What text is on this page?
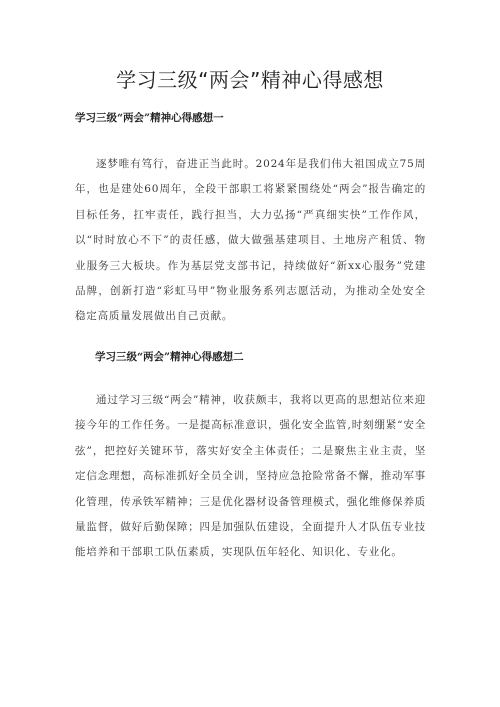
学习三级“两会”精神心得感想
学习三级“两会”精神心得感想一

逐梦唯有笃行，奋进正当此时。2024年是我们伟大祖国成立75周年，也是建处60周年，全段干部职工将紧紧围绕处“两会”报告确定的目标任务，扛牢责任，践行担当，大力弘扬“严真细实快”工作作风，以“时时放心不下”的责任感，做大做强基建项目、土地房产租赁、物业服务三大板块。作为基层党支部书记，持续做好“新xx心服务”党建品牌，创新打造“彩虹马甲”物业服务系列志愿活动，为推动全处安全稳定高质量发展做出自己贡献。

学习三级“两会”精神心得感想二

通过学习三级“两会”精神，收获颇丰，我将以更高的思想站位来迎接今年的工作任务。一是提高标准意识，强化安全监管,时刻绷紧“安全弦”，把控好关键环节，落实好安全主体责任；二是聚焦主业主责，坚定信念理想，高标准抓好全员全训，坚持应急抢险常备不懈，推动军事化管理，传承铁军精神；三是优化器材设备管理模式，强化维修保养质量监督，做好后勤保障；四是加强队伍建设，全面提升人才队伍专业技能培养和干部职工队伍素质，实现队伍年轻化、知识化、专业化。
